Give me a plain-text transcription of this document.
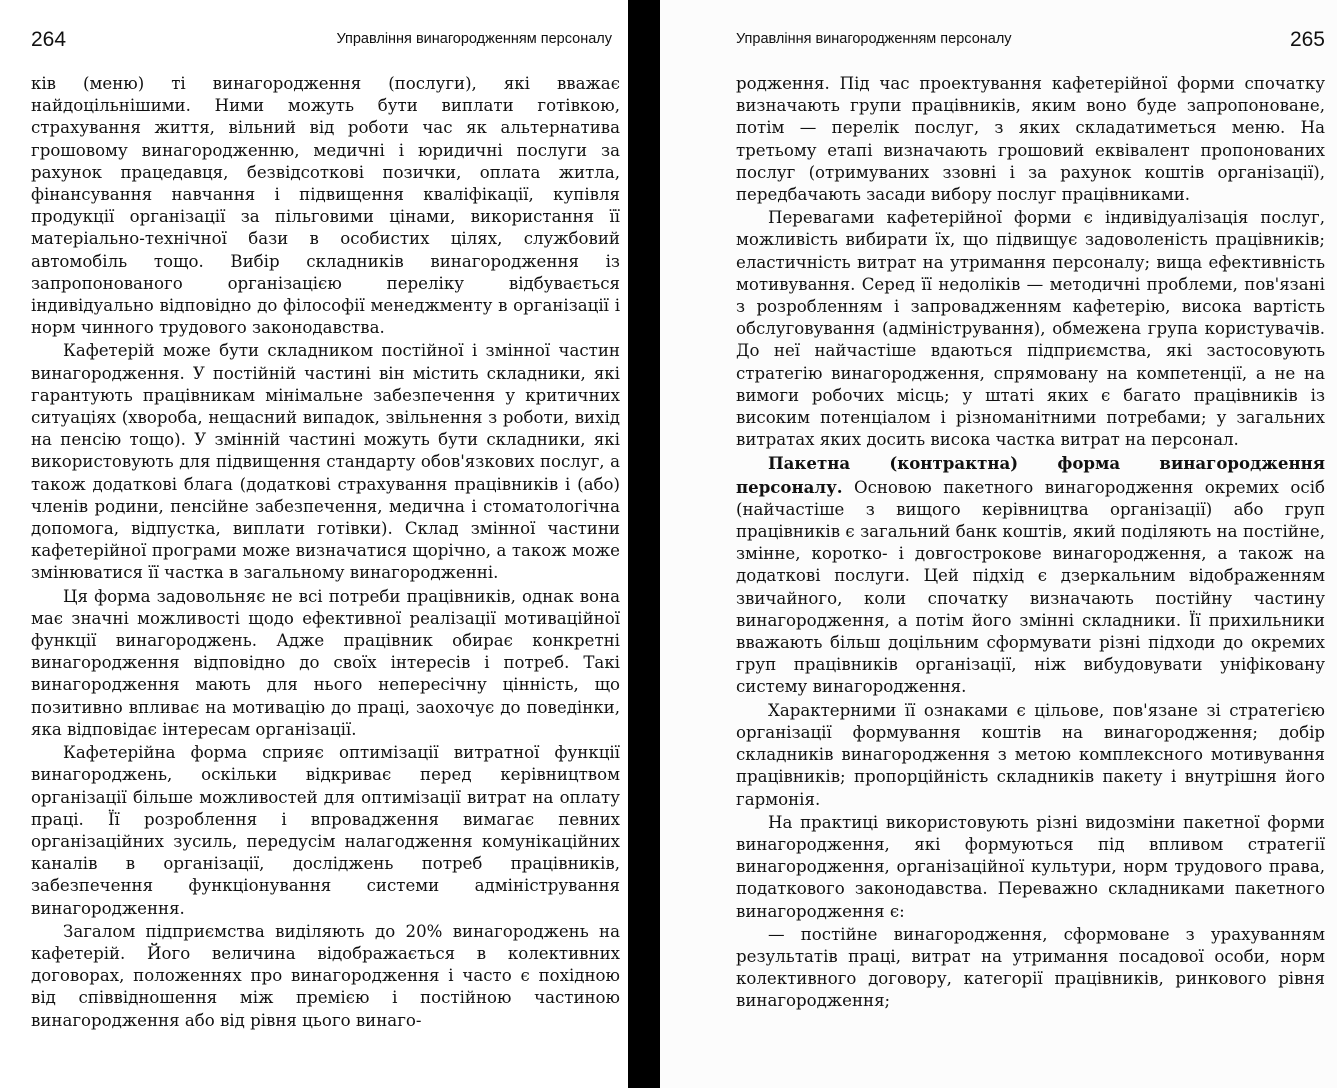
264	Управління винагородженням персоналу

ків (меню) ті винагородження (послуги), які вважає найдоцільнішими. Ними можуть бути виплати готівкою, страхування життя, вільний від роботи час як альтернатива грошовому винагородженню, медичні і юридичні послуги за рахунок працедавця, безвідсоткові позички, оплата житла, фінансування навчання і підвищення кваліфікації, купівля продукції організації за пільговими цінами, використання її матеріально-технічної бази в особистих цілях, службовий автомобіль тощо. Вибір складників винагородження із запропонованого організацією переліку відбувається індивідуально відповідно до філософії менеджменту в організації і норм чинного трудового законодавства.

Кафетерій може бути складником постійної і змінної частин винагородження. У постійній частині він містить складники, які гарантують працівникам мінімальне забезпечення у критичних ситуаціях (хвороба, нещасний випадок, звільнення з роботи, вихід на пенсію тощо). У змінній частині можуть бути складники, які використовують для підвищення стандарту обов'язкових послуг, а також додаткові блага (додаткові страхування працівників і (або) членів родини, пенсійне забезпечення, медична і стоматологічна допомога, відпустка, виплати готівки). Склад змінної частини кафетерійної програми може визначатися щорічно, а також може змінюватися її частка в загальному винагородженні.

Ця форма задовольняє не всі потреби працівників, однак вона має значні можливості щодо ефективної реалізації мотиваційної функції винагороджень. Адже працівник обирає конкретні винагородження відповідно до своїх інтересів і потреб. Такі винагородження мають для нього непересічну цінність, що позитивно впливає на мотивацію до праці, заохочує до поведінки, яка відповідає інтересам організації.

Кафетерійна форма сприяє оптимізації витратної функції винагороджень, оскільки відкриває перед керівництвом організації більше можливостей для оптимізації витрат на оплату праці. Її розроблення і впровадження вимагає певних організаційних зусиль, передусім налагодження комунікаційних каналів в організації, досліджень потреб працівників, забезпечення функціонування системи адміністрування винагородження.

Загалом підприємства виділяють до 20% винагороджень на кафетерій. Його величина відображається в колективних договорах, положеннях про винагородження і часто є похідною від співвідношення між премією і постійною частиною винагородження або від рівня цього винаго-

Управління винагородженням персоналу	265

родження. Під час проектування кафетерійної форми спочатку визначають групи працівників, яким воно буде запропоноване, потім — перелік послуг, з яких складатиметься меню. На третьому етапі визначають грошовий еквівалент пропонованих послуг (отримуваних ззовні і за рахунок коштів організації), передбачають засади вибору послуг працівниками.

Перевагами кафетерійної форми є індивідуалізація послуг, можливість вибирати їх, що підвищує задоволеність працівників; еластичність витрат на утримання персоналу; вища ефективність мотивування. Серед її недоліків — методичні проблеми, пов'язані з розробленням і запровадженням кафетерію, висока вартість обслуговування (адміністрування), обмежена група користувачів. До неї найчастіше вдаються підприємства, які застосовують стратегію винагородження, спрямовану на компетенції, а не на вимоги робочих місць; у штаті яких є багато працівників із високим потенціалом і різноманітними потребами; у загальних витратах яких досить висока частка витрат на персонал.

Пакетна (контрактна) форма винагородження персоналу. Основою пакетного винагородження окремих осіб (найчастіше з вищого керівництва організації) або груп працівників є загальний банк коштів, який поділяють на постійне, змінне, коротко- і довгострокове винагородження, а також на додаткові послуги. Цей підхід є дзеркальним відображенням звичайного, коли спочатку визначають постійну частину винагородження, а потім його змінні складники. Її прихильники вважають більш доцільним сформувати різні підходи до окремих груп працівників організації, ніж вибудовувати уніфіковану систему винагородження.

Характерними її ознаками є цільове, пов'язане зі стратегією організації формування коштів на винагородження; добір складників винагородження з метою комплексного мотивування працівників; пропорційність складників пакету і внутрішня його гармонія.

На практиці використовують різні видозміни пакетної форми винагородження, які формуються під впливом стратегії винагородження, організаційної культури, норм трудового права, податкового законодавства. Переважно складниками пакетного винагородження є:

— постійне винагородження, сформоване з урахуванням результатів праці, витрат на утримання посадової особи, норм колективного договору, категорії працівників, ринкового рівня винагородження;
